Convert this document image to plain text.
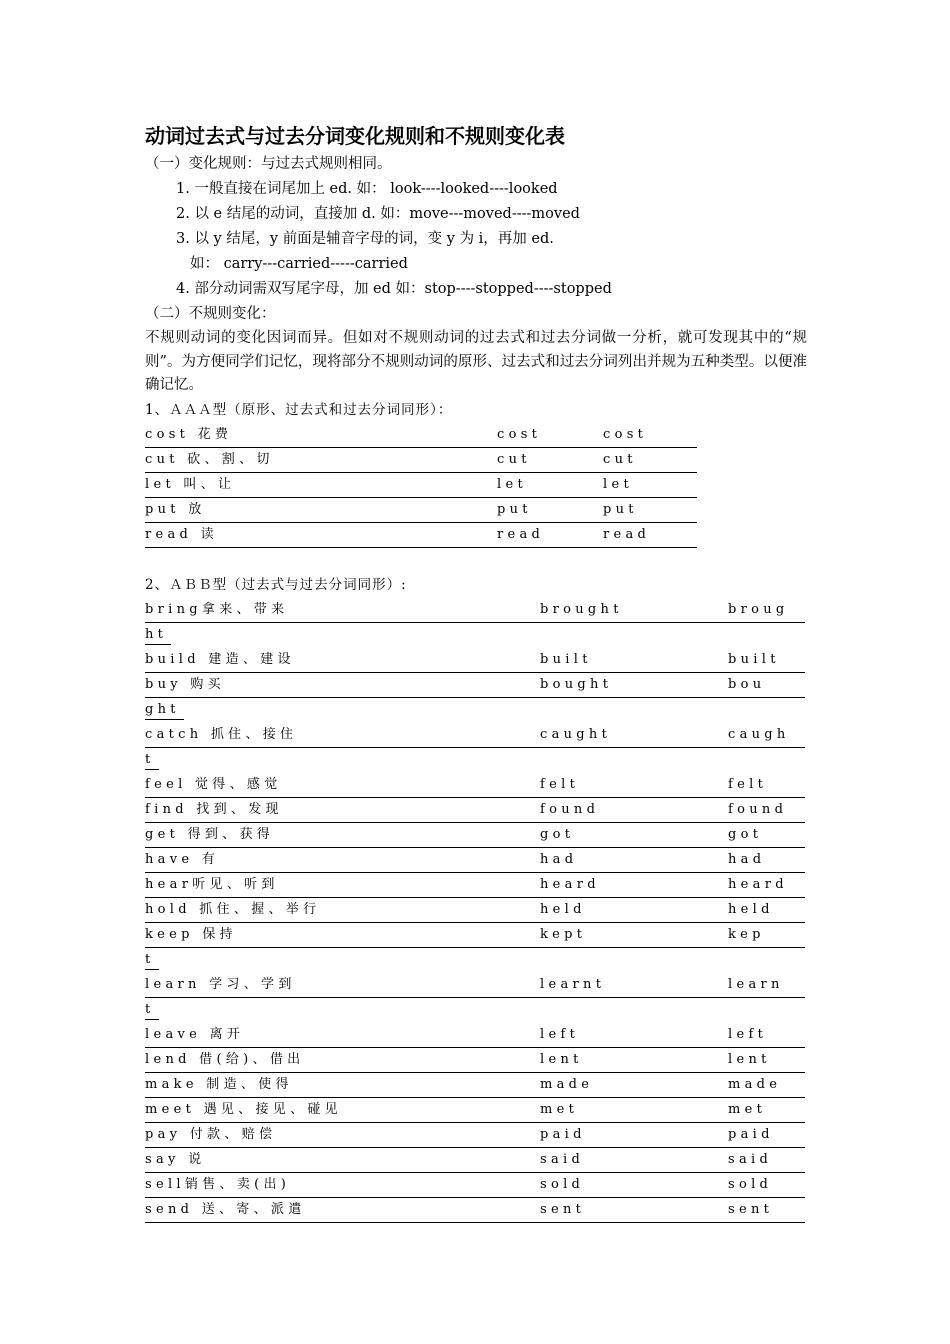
动词过去式与过去分词变化规则和不规则变化表
（一）变化规则：与过去式规则相同。
1. 一般直接在词尾加上 ed. 如： look----looked----looked
2. 以 e 结尾的动词，直接加 d. 如：move---moved----moved
3. 以 y 结尾，y 前面是辅音字母的词，变 y 为 i，再加 ed.
如： carry---carried-----carried
4. 部分动词需双写尾字母，加 ed 如：stop----stopped----stopped
（二）不规则变化：

不规则动词的变化因词而异。但如对不规则动词的过去式和过去分词做一分析，就可发现其中的“规则”。为方便同学们记忆，现将部分不规则动词的原形、过去式和过去分词列出并规为五种类型。以便准确记忆。

1、ＡＡＡ型（原形、过去式和过去分词同形）：
cost 花费	cost	cost
cut 砍、割、切	cut	cut
let 叫、让	let	let
put 放	put	put
read 读	read	read
2、ＡＢＢ型（过去式与过去分词同形）:
bring拿来、带来	brought	broug
ht
build 建造、建设	built	built
buy 购买	bought	bou
ght
catch 抓住、接住	caught	caugh
t
feel 觉得、感觉	felt	felt
find 找到、发现	found	found
get 得到、获得	got	got
have 有	had	had
hear听见、听到	heard	heard
hold 抓住、握、举行	held	held
keep 保持	kept	kep
t
learn 学习、学到	learnt	learn
t
leave 离开	left	left
lend 借(给)、借出	lent	lent
make 制造、使得	made	made
meet 遇见、接见、碰见	met	met
pay 付款、赔偿	paid	paid
say 说	said	said
sell销售、卖(出)	sold	sold
send 送、寄、派遣	sent	sent
